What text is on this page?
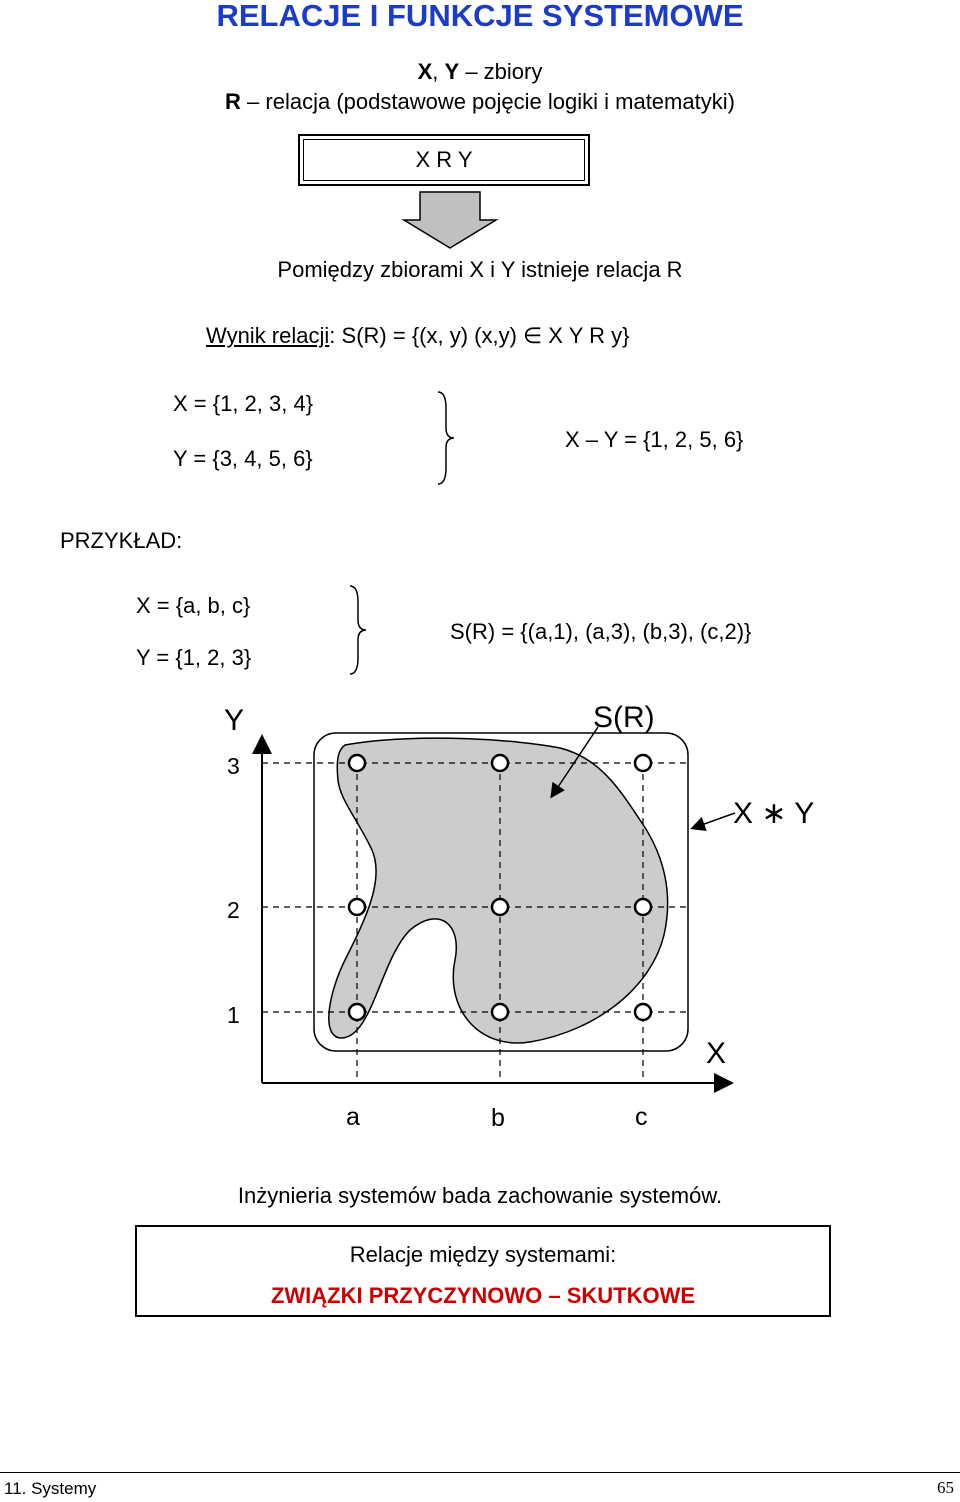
RELACJE I FUNKCJE SYSTEMOWE
X, Y – zbiory
R – relacja (podstawowe pojęcie logiki i matematyki)
X R Y
Pomiędzy zbiorami X i Y istnieje relacja R
Wynik relacji: S(R) = {(x, y) (x,y) ∈ X Y R y}
X = {1, 2, 3, 4}
Y = {3, 4, 5, 6}
X – Y = {1, 2, 5, 6}
PRZYKŁAD:
X = {a, b, c}
Y = {1, 2, 3}
S(R) = {(a,1), (a,3), (b,3), (c,2)}
Y
3
2
1
a	b	c
X
S(R)
X ∗ Y
Inżynieria systemów bada zachowanie systemów.
Relacje między systemami:
ZWIĄZKI PRZYCZYNOWO – SKUTKOWE
11. Systemy	65
